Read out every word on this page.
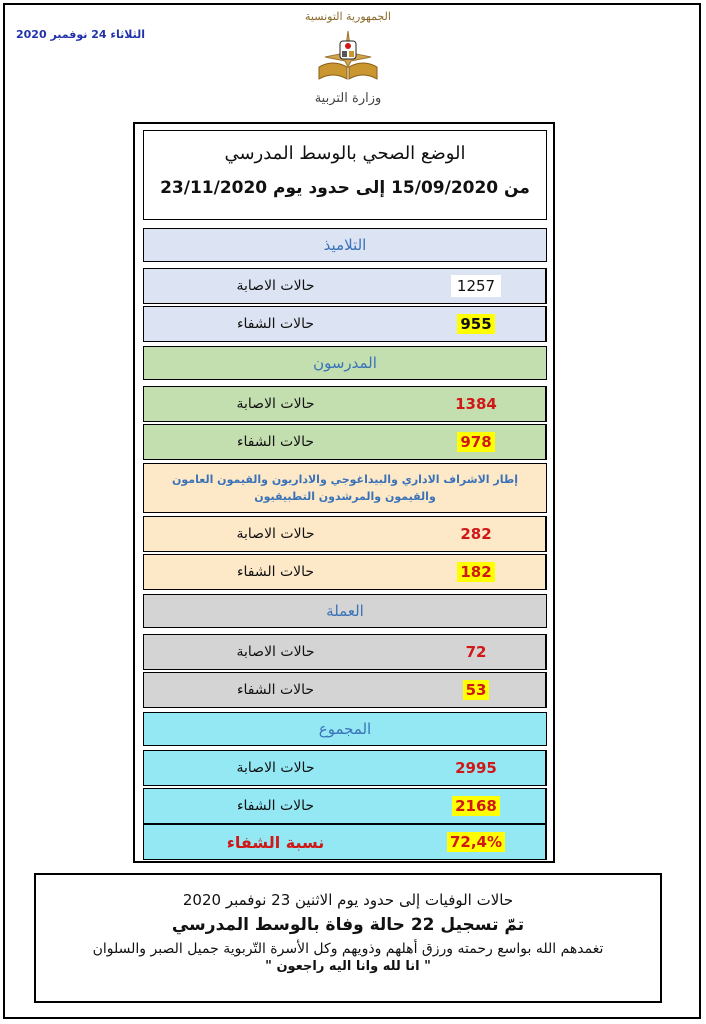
الثلاثاء 24 نوفمبر 2020
الجمهورية التونسية
وزارة التربية
الوضع الصحي بالوسط المدرسي
من 15/09/2020 إلى حدود يوم 23/11/2020
التلاميذ
حالات الاصابة	1257
حالات الشفاء	955
المدرسون
حالات الاصابة	1384
حالات الشفاء	978
إطار الاشراف الاداري والبيداغوجي والاداريون والقيمون العامون والقيمون والمرشدون التطبيقيون
حالات الاصابة	282
حالات الشفاء	182
العملة
حالات الاصابة	72
حالات الشفاء	53
المجموع
حالات الاصابة	2995
حالات الشفاء	2168
نسبة الشفاء	72,4%
حالات الوفيات إلى حدود يوم الاثنين 23 نوفمبر 2020
تمّ تسجيل 22 حالة وفاة بالوسط المدرسي
تغمدهم الله بواسع رحمته ورزق أهلهم وذويهم وكل الأسرة التّربوية جميل الصبر والسلوان
" انا لله وانا اليه راجعون "
